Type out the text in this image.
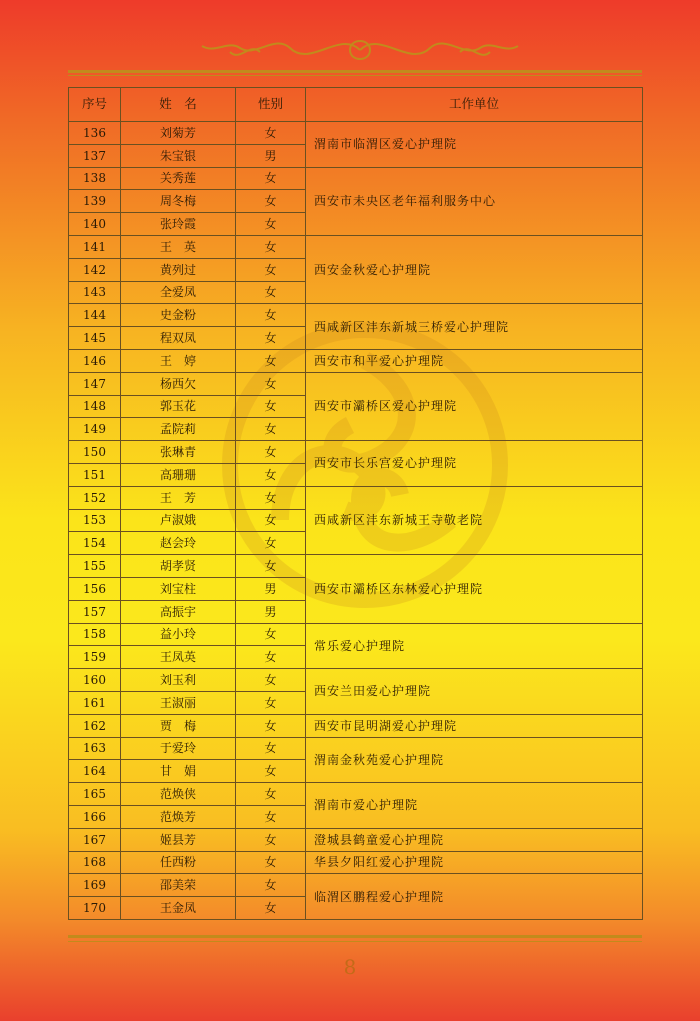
序号	姓　名	性别	工作单位
136	刘菊芳	女	渭南市临渭区爱心护理院
137	朱宝银	男	
138	关秀莲	女	西安市未央区老年福利服务中心
139	周冬梅	女	
140	张玲霞	女	
141	王　英	女	西安金秋爱心护理院
142	黄列过	女	
143	全爱凤	女	
144	史金粉	女	西咸新区沣东新城三桥爱心护理院
145	程双凤	女	
146	王　婷	女	西安市和平爱心护理院
147	杨西欠	女	西安市灞桥区爱心护理院
148	郭玉花	女	
149	孟院莉	女	
150	张琳青	女	西安市长乐宫爱心护理院
151	高珊珊	女	
152	王　芳	女	西咸新区沣东新城王寺敬老院
153	卢淑娥	女	
154	赵会玲	女	
155	胡孝贤	女	西安市灞桥区东林爱心护理院
156	刘宝柱	男	
157	高振宇	男	
158	益小玲	女	常乐爱心护理院
159	王凤英	女	
160	刘玉利	女	西安兰田爱心护理院
161	王淑丽	女	
162	贾　梅	女	西安市昆明湖爱心护理院
163	于爱玲	女	渭南金秋苑爱心护理院
164	甘　娟	女	
165	范焕侠	女	渭南市爱心护理院
166	范焕芳	女	
167	姬县芳	女	澄城县鹤童爱心护理院
168	任西粉	女	华县夕阳红爱心护理院
169	邵美荣	女	临渭区鹏程爱心护理院
170	王金凤	女	
8
